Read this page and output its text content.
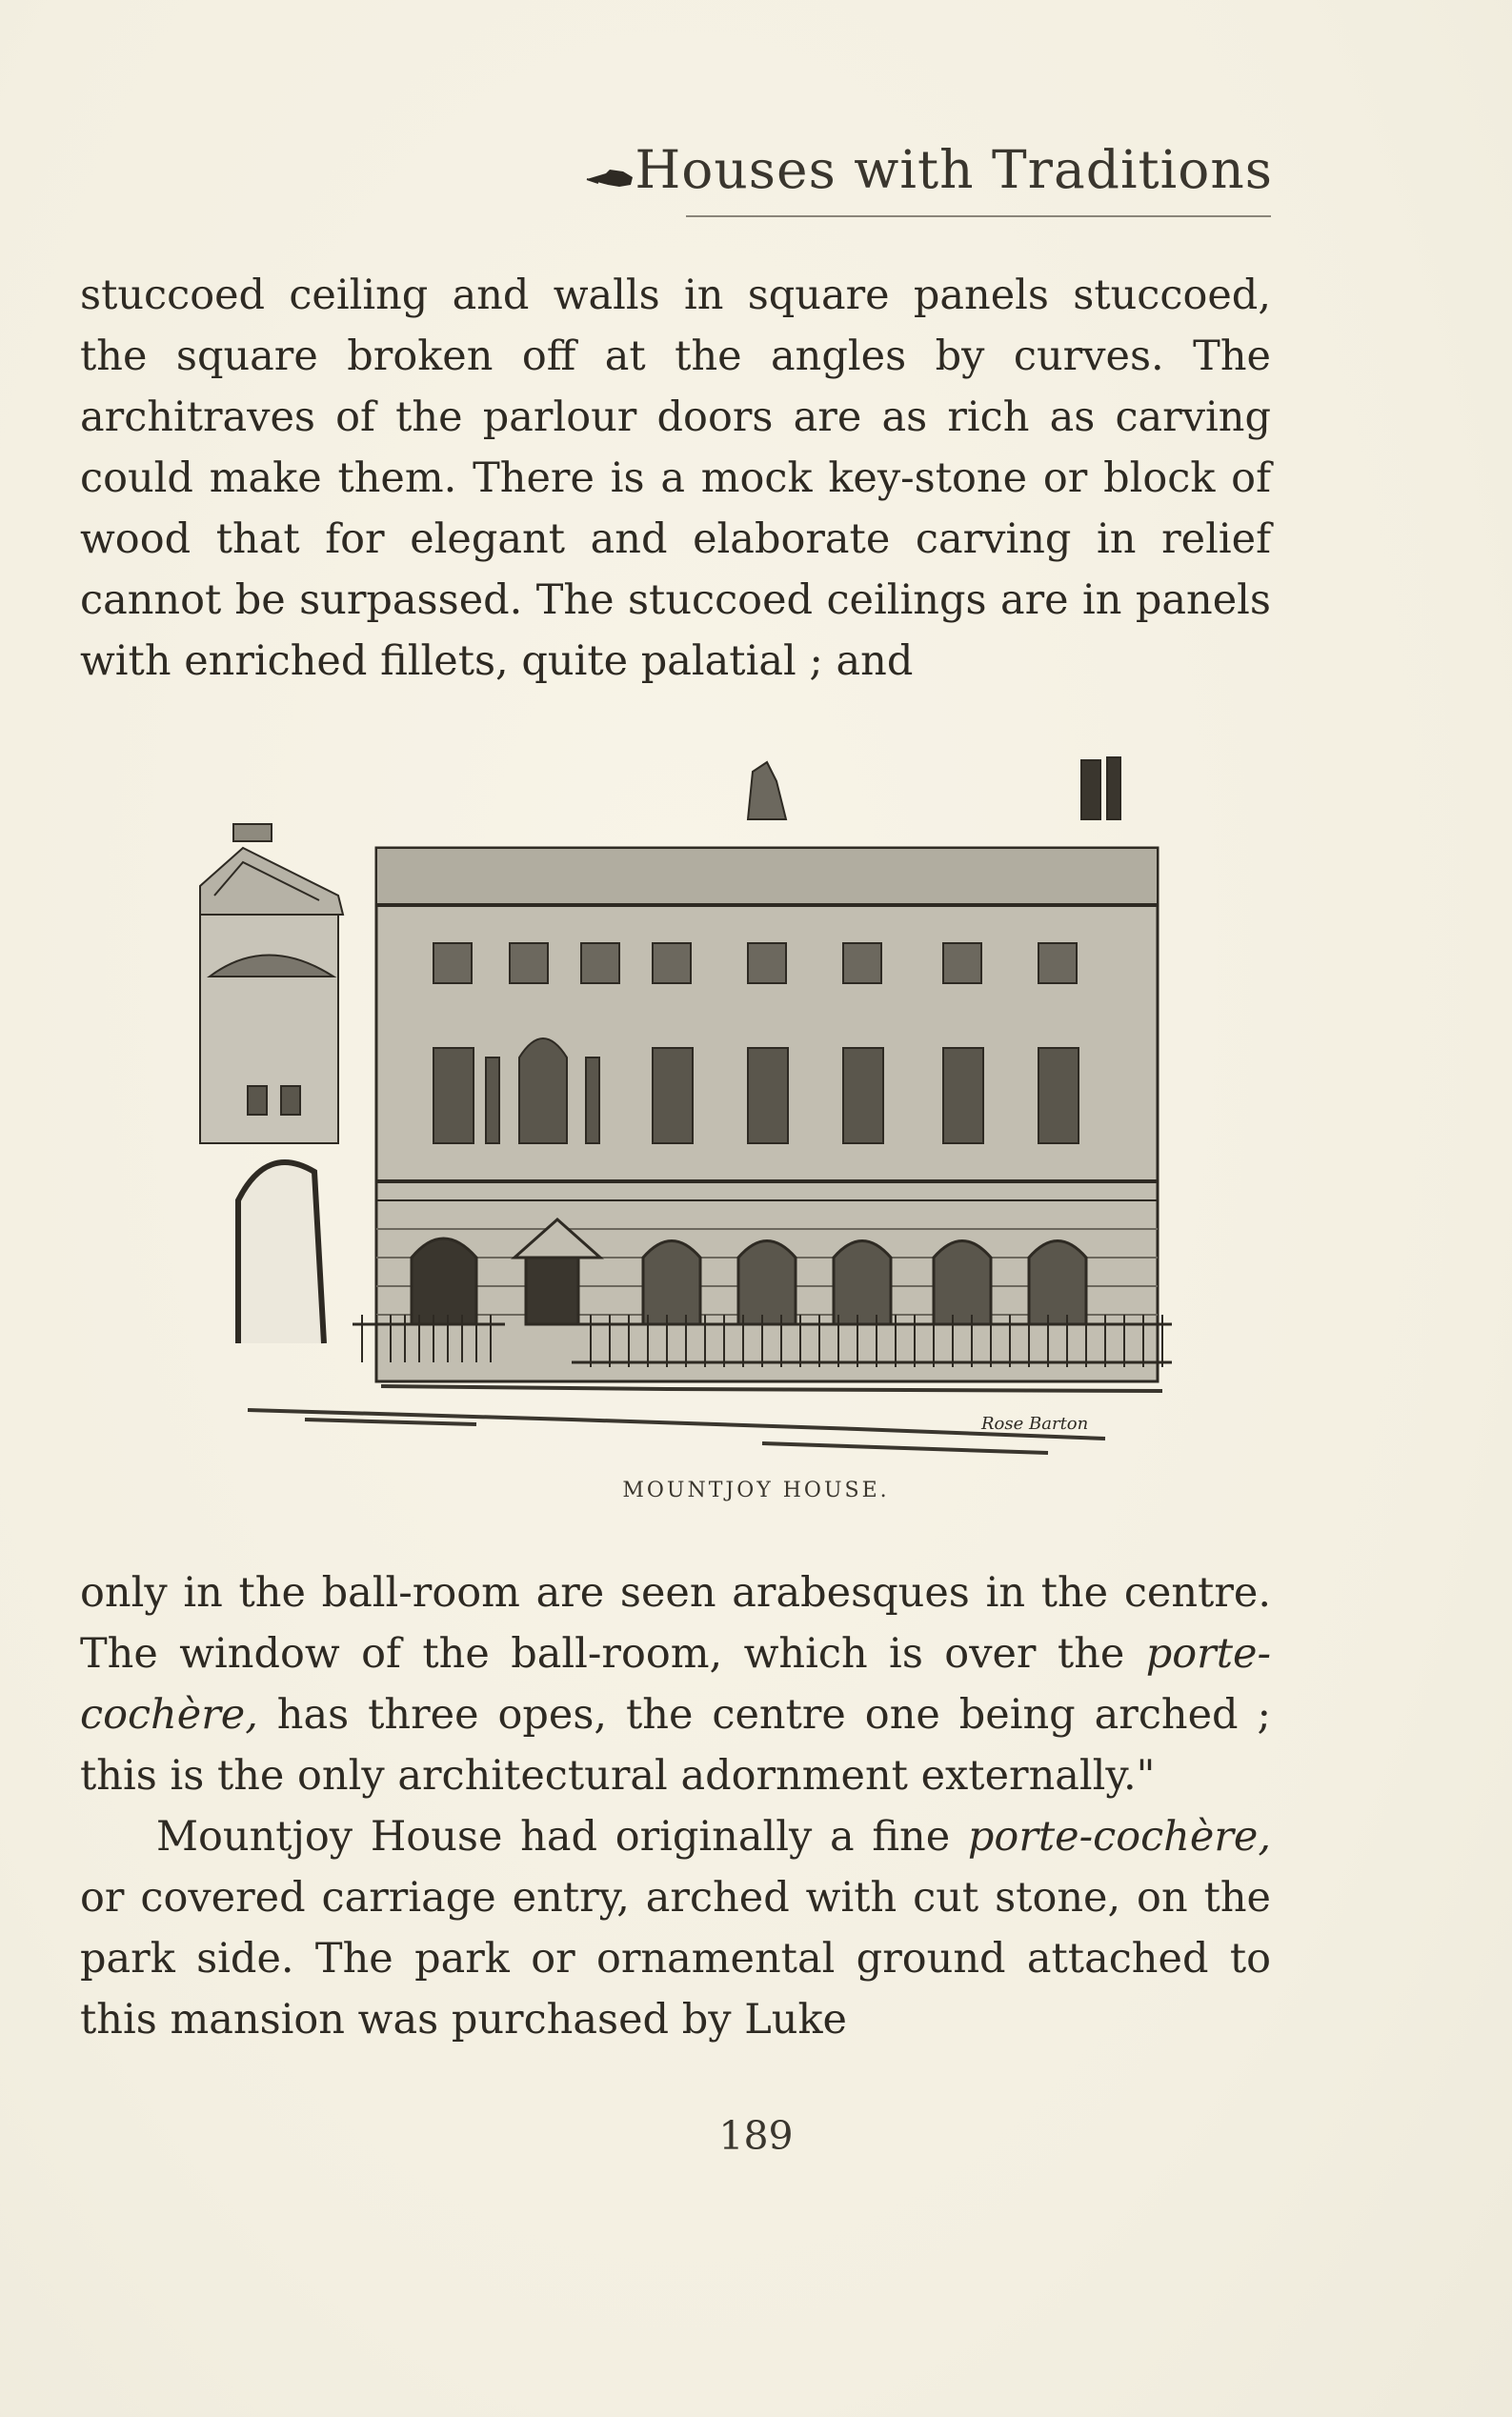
Houses with Traditions

stuccoed ceiling and walls in square panels stuccoed, the square broken off at the angles by curves. The architraves of the parlour doors are as rich as carving could make them. There is a mock key-stone or block of wood that for elegant and elaborate carving in relief cannot be surpassed. The stuccoed ceilings are in panels with enriched fillets, quite palatial ; and

Rose Barton
MOUNTJOY HOUSE.

only in the ball-room are seen arabesques in the centre. The window of the ball-room, which is over the porte-cochère, has three opes, the centre one being arched ; this is the only architectural adornment externally."

Mountjoy House had originally a fine porte-cochère, or covered carriage entry, arched with cut stone, on the park side. The park or ornamental ground attached to this mansion was purchased by Luke

189
